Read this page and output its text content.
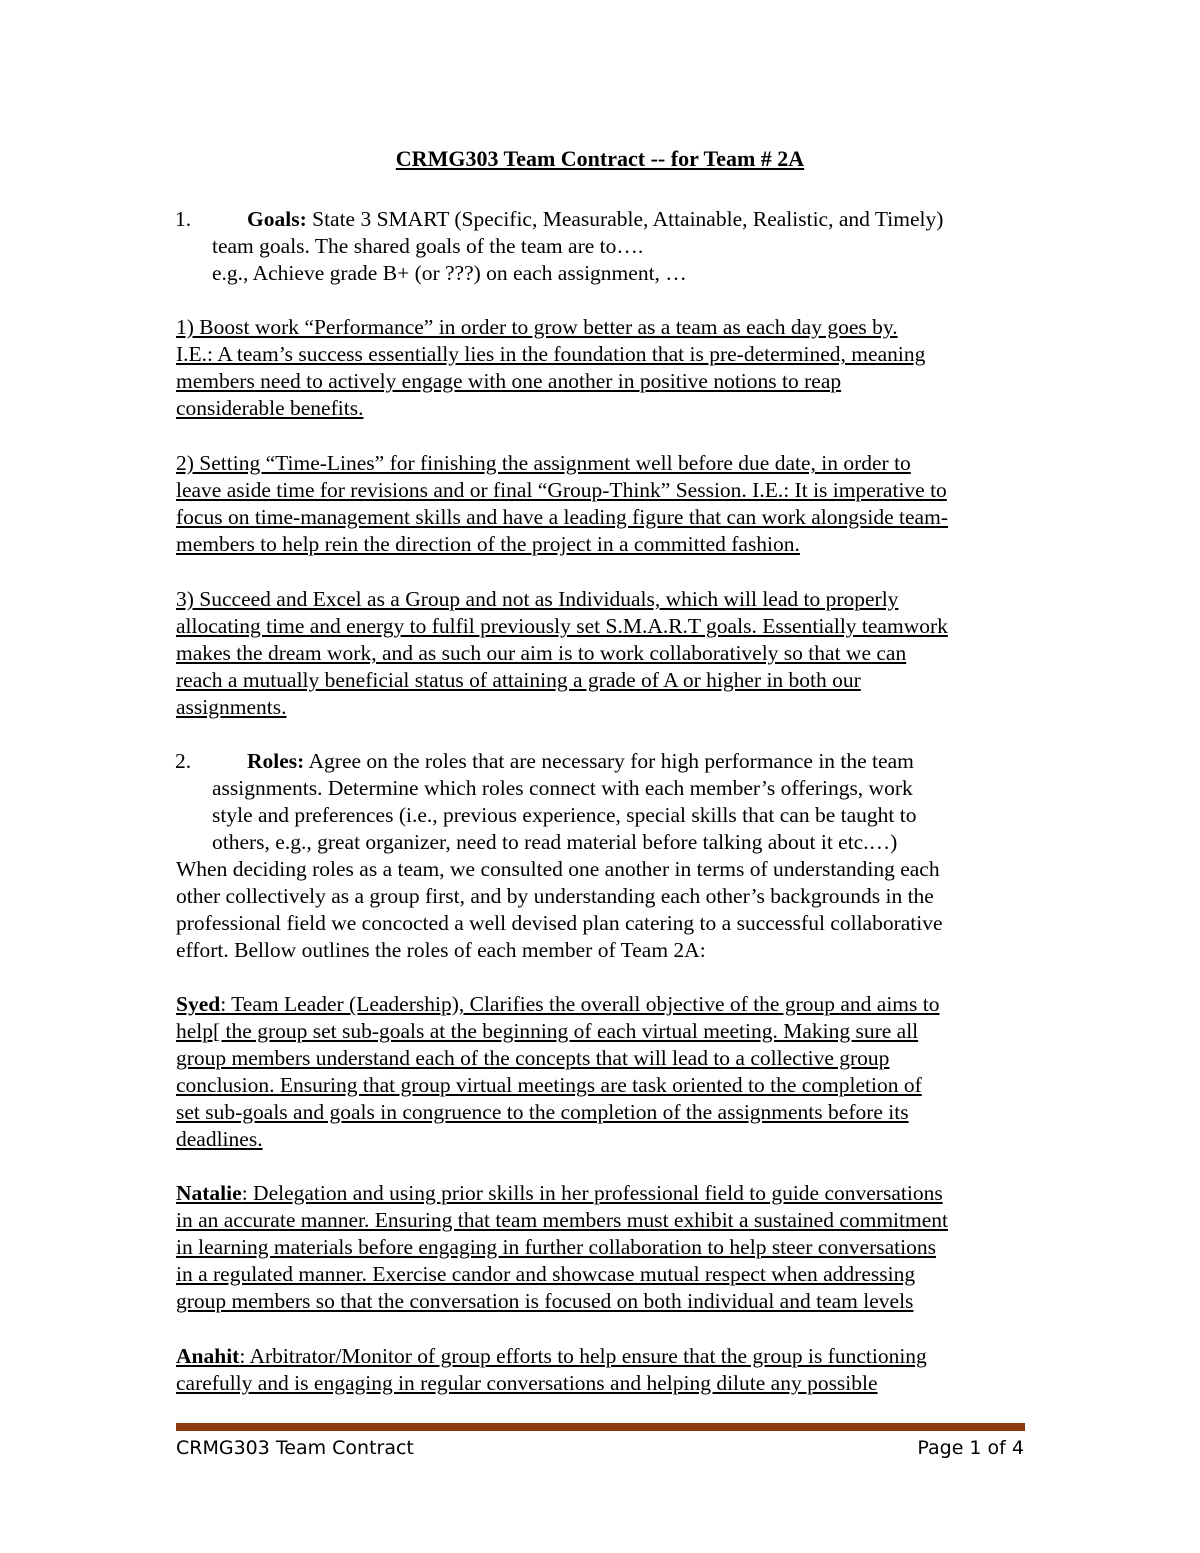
CRMG303 Team Contract -- for Team # 2A
1.	Goals: State 3 SMART (Specific, Measurable, Attainable, Realistic, and Timely)
team goals. The shared goals of the team are to….
e.g., Achieve grade B+ (or ???) on each assignment, …
1) Boost work “Performance” in order to grow better as a team as each day goes by.
I.E.: A team’s success essentially lies in the foundation that is pre-determined, meaning
members need to actively engage with one another in positive notions to reap
considerable benefits.
2) Setting “Time-Lines” for finishing the assignment well before due date, in order to
leave aside time for revisions and or final “Group-Think” Session. I.E.: It is imperative to
focus on time-management skills and have a leading figure that can work alongside team-
members to help rein the direction of the project in a committed fashion.
3) Succeed and Excel as a Group and not as Individuals, which will lead to properly
allocating time and energy to fulfil previously set S.M.A.R.T goals. Essentially teamwork
makes the dream work, and as such our aim is to work collaboratively so that we can
reach a mutually beneficial status of attaining a grade of A or higher in both our
assignments.
2.	Roles: Agree on the roles that are necessary for high performance in the team
assignments. Determine which roles connect with each member’s offerings, work
style and preferences (i.e., previous experience, special skills that can be taught to
others, e.g., great organizer, need to read material before talking about it etc.…)
When deciding roles as a team, we consulted one another in terms of understanding each
other collectively as a group first, and by understanding each other’s backgrounds in the
professional field we concocted a well devised plan catering to a successful collaborative
effort. Bellow outlines the roles of each member of Team 2A:
Syed: Team Leader (Leadership), Clarifies the overall objective of the group and aims to
help[ the group set sub-goals at the beginning of each virtual meeting. Making sure all
group members understand each of the concepts that will lead to a collective group
conclusion. Ensuring that group virtual meetings are task oriented to the completion of
set sub-goals and goals in congruence to the completion of the assignments before its
deadlines.
Natalie: Delegation and using prior skills in her professional field to guide conversations
in an accurate manner. Ensuring that team members must exhibit a sustained commitment
in learning materials before engaging in further collaboration to help steer conversations
in a regulated manner. Exercise candor and showcase mutual respect when addressing
group members so that the conversation is focused on both individual and team levels
Anahit: Arbitrator/Monitor of group efforts to help ensure that the group is functioning
carefully and is engaging in regular conversations and helping dilute any possible
CRMG303 Team Contract	Page 1 of 4
